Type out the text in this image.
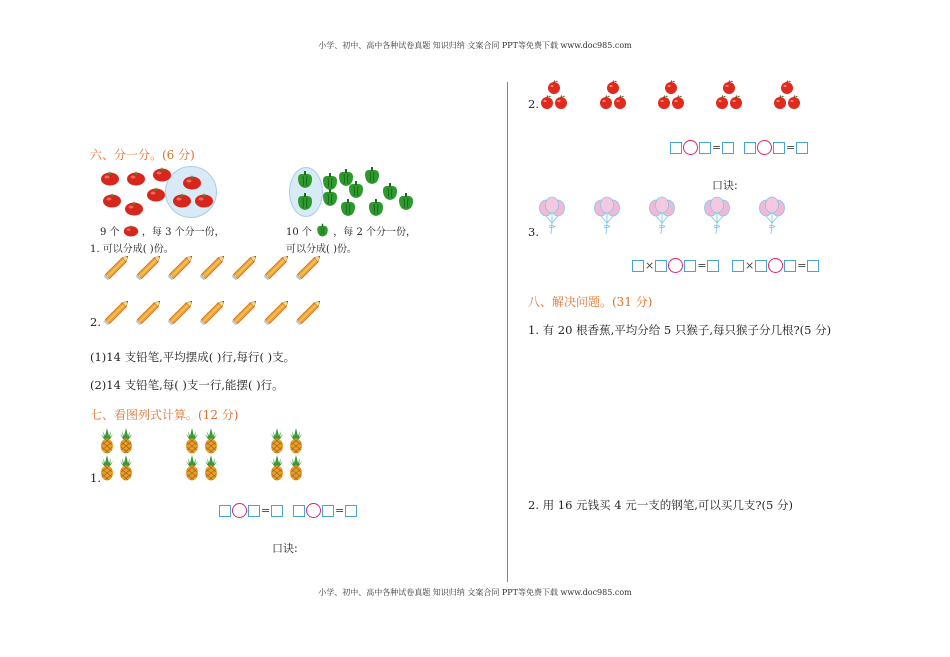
小学、初中、高中各种试卷真题 知识归纳 文案合同 PPT等免费下载 www.doc985.com
小学、初中、高中各种试卷真题 知识归纳 文案合同 PPT等免费下载 www.doc985.com
六、分一分。(6 分)
9 个 ，每 3 个分一份，	10 个 ，每 2 个分一份，
1. 可以分成( )份。	可以分成( )份。
2.
(1)14 支铅笔,平均摆成( )行,每行( )支。
(2)14 支铅笔,每( )支一行,能摆( )行。
七、看图列式计算。(12 分)
1.
=	=
口诀:
2.
=	=
口诀:
3.
×	=	×	=
八、解决问题。(31 分)
1. 有 20 根香蕉,平均分给 5 只猴子,每只猴子分几根?(5 分)
2. 用 16 元钱买 4 元一支的钢笔,可以买几支?(5 分)
